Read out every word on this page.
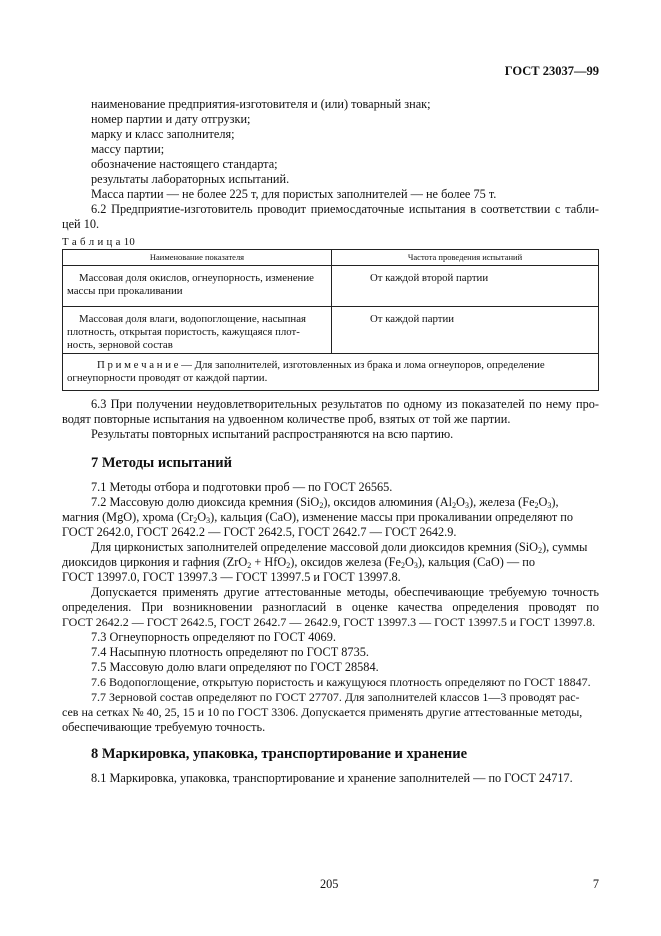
ГОСТ 23037—99
наименование предприятия-изготовителя и (или) товарный знак;
номер партии и дату отгрузки;
марку и класс заполнителя;
массу партии;
обозначение настоящего стандарта;
результаты лабораторных испытаний.
Масса партии — не более 225 т, для пористых заполнителей — не более 75 т.
6.2 Предприятие-изготовитель проводит приемосдаточные испытания в соответствии с табли-
цей 10.
Т а б л и ц а 10
Наименование показателя	Частота проведения испытаний

Массовая доля окислов, огнеупорность, изменение
массы при прокаливании	От каждой второй партии

Массовая доля влаги, водопоглощение, насыпная
плотность, открытая пористость, кажущаяся плот-
ность, зерновой состав	От каждой партии

П р и м е ч а н и е — Для заполнителей, изготовленных из брака и лома огнеупоров, определение
огнеупорности проводят от каждой партии.	
6.3 При получении неудовлетворительных результатов по одному из показателей по нему про-
водят повторные испытания на удвоенном количестве проб, взятых от той же партии.
Результаты повторных испытаний распространяются на всю партию.
7 Методы испытаний
7.1 Методы отбора и подготовки проб — по ГОСТ 26565.
7.2 Массовую долю диоксида кремния (SiO$_2$), оксидов алюминия $(Al_2O_3)$, железа $(Fe_2O_3)$,
магния (MgO), хрома $(Cr_2O_3)$, кальция (CaO), изменение массы при прокаливании определяют по
ГОСТ 2642.0, ГОСТ 2642.2 — ГОСТ 2642.5, ГОСТ 2642.7 — ГОСТ 2642.9.
Для цирконистых заполнителей определение массовой доли диоксидов кремния (SiO$_2$), суммы
диоксидов циркония и гафния (ZrO$_2$ + HfO$_2$), оксидов железа $(Fe_2O_3)$, кальция (CaO) — по
ГОСТ 13997.0, ГОСТ 13997.3 — ГОСТ 13997.5 и ГОСТ 13997.8.
Допускается применять другие аттестованные методы, обеспечивающие требуемую точность
определения. При возникновении разногласий в оценке качества определения проводят по
ГОСТ 2642.2 — ГОСТ 2642.5, ГОСТ 2642.7 — 2642.9, ГОСТ 13997.3 — ГОСТ 13997.5 и ГОСТ 13997.8.
7.3 Огнеупорность определяют по ГОСТ 4069.
7.4 Насыпную плотность определяют по ГОСТ 8735.
7.5 Массовую долю влаги определяют по ГОСТ 28584.
7.6 Водопоглощение, открытую пористость и кажущуюся плотность определяют по ГОСТ 18847.
7.7 Зерновой состав определяют по ГОСТ 27707. Для заполнителей классов 1—3 проводят рас-
сев на сетках № 40, 25, 15 и 10 по ГОСТ 3306. Допускается применять другие аттестованные методы,
обеспечивающие требуемую точность.
8 Маркировка, упаковка, транспортирование и хранение
8.1 Маркировка, упаковка, транспортирование и хранение заполнителей — по ГОСТ 24717.
205	7
